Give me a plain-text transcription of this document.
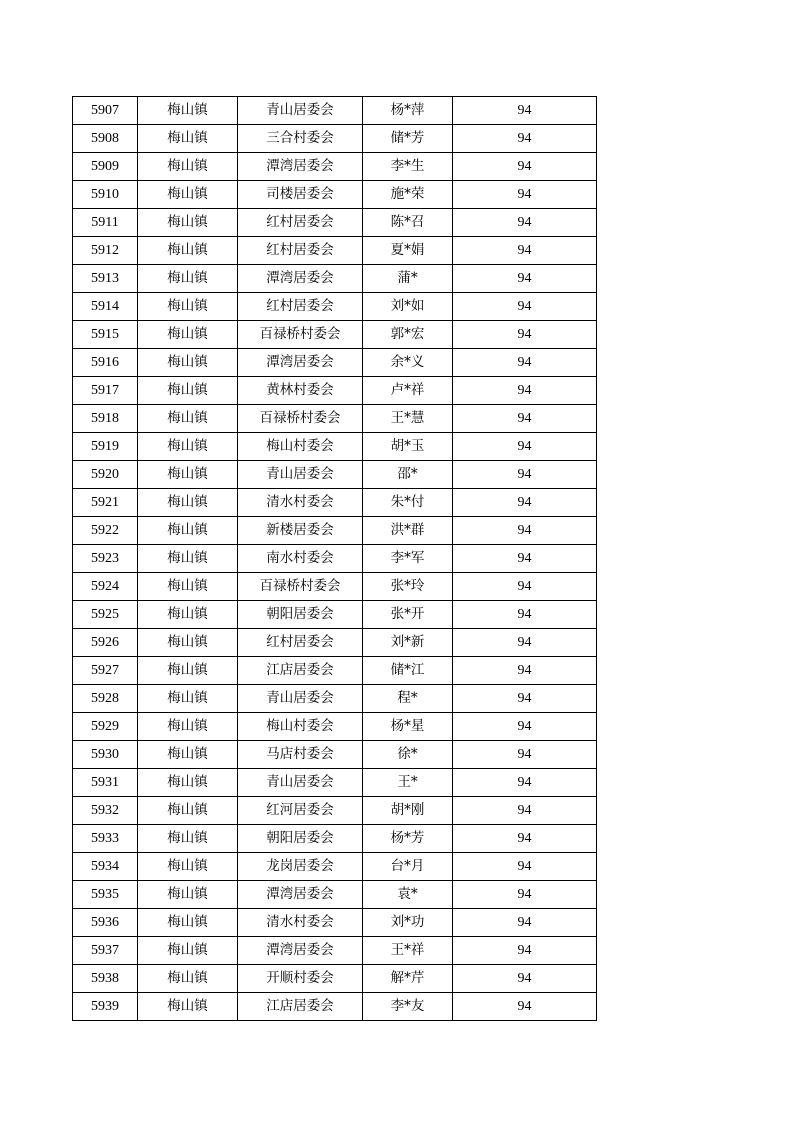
5907	梅山镇	青山居委会	杨*萍	94
5908	梅山镇	三合村委会	储*芳	94
5909	梅山镇	潭湾居委会	李*生	94
5910	梅山镇	司楼居委会	施*荣	94
5911	梅山镇	红村居委会	陈*召	94
5912	梅山镇	红村居委会	夏*娟	94
5913	梅山镇	潭湾居委会	蒲*	94
5914	梅山镇	红村居委会	刘*如	94
5915	梅山镇	百禄桥村委会	郭*宏	94
5916	梅山镇	潭湾居委会	余*义	94
5917	梅山镇	黄林村委会	卢*祥	94
5918	梅山镇	百禄桥村委会	王*慧	94
5919	梅山镇	梅山村委会	胡*玉	94
5920	梅山镇	青山居委会	邵*	94
5921	梅山镇	清水村委会	朱*付	94
5922	梅山镇	新楼居委会	洪*群	94
5923	梅山镇	南水村委会	李*军	94
5924	梅山镇	百禄桥村委会	张*玲	94
5925	梅山镇	朝阳居委会	张*开	94
5926	梅山镇	红村居委会	刘*新	94
5927	梅山镇	江店居委会	储*江	94
5928	梅山镇	青山居委会	程*	94
5929	梅山镇	梅山村委会	杨*星	94
5930	梅山镇	马店村委会	徐*	94
5931	梅山镇	青山居委会	王*	94
5932	梅山镇	红河居委会	胡*刚	94
5933	梅山镇	朝阳居委会	杨*芳	94
5934	梅山镇	龙岗居委会	台*月	94
5935	梅山镇	潭湾居委会	袁*	94
5936	梅山镇	清水村委会	刘*功	94
5937	梅山镇	潭湾居委会	王*祥	94
5938	梅山镇	开顺村委会	解*芹	94
5939	梅山镇	江店居委会	李*友	94
